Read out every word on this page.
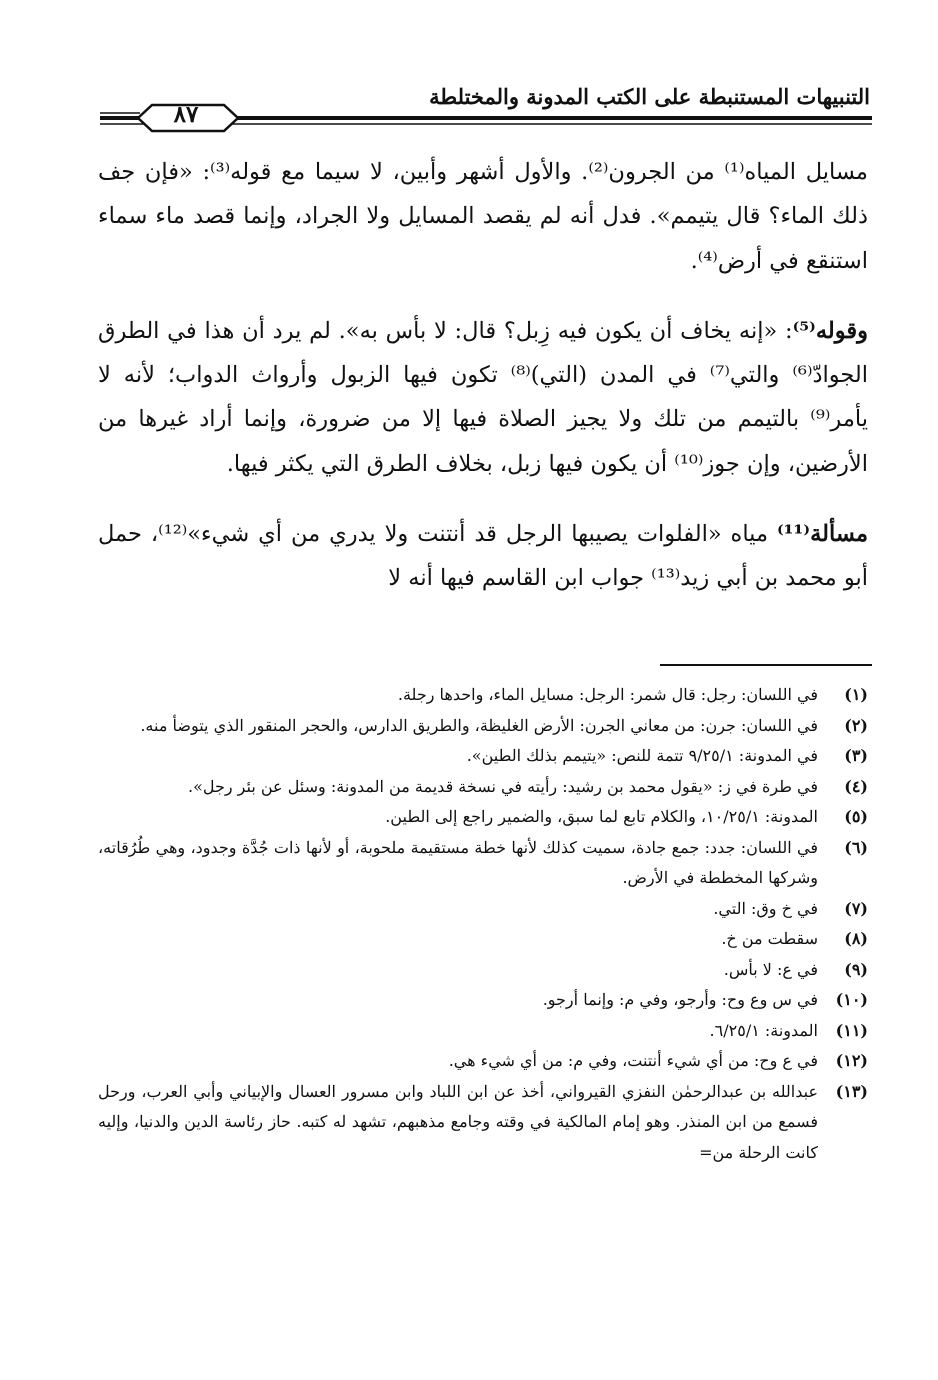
التنبيهات المستنبطة على الكتب المدونة والمختلطة
٨٧

مسايل المياه⁽¹⁾ من الجرون⁽²⁾. والأول أشهر وأبين، لا سيما مع قوله⁽³⁾: «فإن جف ذلك الماء؟ قال يتيمم». فدل أنه لم يقصد المسايل ولا الجراد، وإنما قصد ماء سماء استنقع في أرض⁽⁴⁾.

وقوله⁽⁵⁾: «إنه يخاف أن يكون فيه زِبل؟ قال: لا بأس به». لم يرد أن هذا في الطرق الجوادّ⁽⁶⁾ والتي⁽⁷⁾ في المدن (التي)⁽⁸⁾ تكون فيها الزبول وأرواث الدواب؛ لأنه لا يأمر⁽⁹⁾ بالتيمم من تلك ولا يجيز الصلاة فيها إلا من ضرورة، وإنما أراد غيرها من الأرضين، وإن جوز⁽¹⁰⁾ أن يكون فيها زبل، بخلاف الطرق التي يكثر فيها.

مسألة⁽¹¹⁾ مياه «الفلوات يصيبها الرجل قد أنتنت ولا يدري من أي شيء»⁽¹²⁾، حمل أبو محمد بن أبي زيد⁽¹³⁾ جواب ابن القاسم فيها أنه لا

(١)
في اللسان: رجل: قال شمر: الرجل: مسايل الماء، واحدها رجلة.
(٢)
في اللسان: جرن: من معاني الجرن: الأرض الغليظة، والطريق الدارس، والحجر المنقور الذي يتوضأ منه.
(٣)
في المدونة: ٩/٢٥/١ تتمة للنص: «يتيمم بذلك الطين».
(٤)
في طرة في ز: «يقول محمد بن رشيد: رأيته في نسخة قديمة من المدونة: وسئل عن بئر رجل».
(٥)
المدونة: ١٠/٢٥/١، والكلام تابع لما سبق، والضمير راجع إلى الطين.
(٦)
في اللسان: جدد: جمع جادة، سميت كذلك لأنها خطة مستقيمة ملحوبة، أو لأنها ذات جُدَّة وجدود، وهي طُرُقاته، وشركها المخططة في الأرض.
(٧)
في خ وق: التي.
(٨)
سقطت من خ.
(٩)
في ع: لا بأس.
(١٠)
في س وع وح: وأرجو، وفي م: وإنما أرجو.
(١١)
المدونة: ٦/٢٥/١.
(١٢)
في ع وح: من أي شيء أنتنت، وفي م: من أي شيء هي.
(١٣)
عبدالله بن عبدالرحمٰن النفزي القيرواني، أخذ عن ابن اللباد وابن مسرور العسال والإبياني وأبي العرب، ورحل فسمع من ابن المنذر. وهو إمام المالكية في وقته وجامع مذهبهم، تشهد له كتبه. حاز رئاسة الدين والدنيا، وإليه كانت الرحلة من=
